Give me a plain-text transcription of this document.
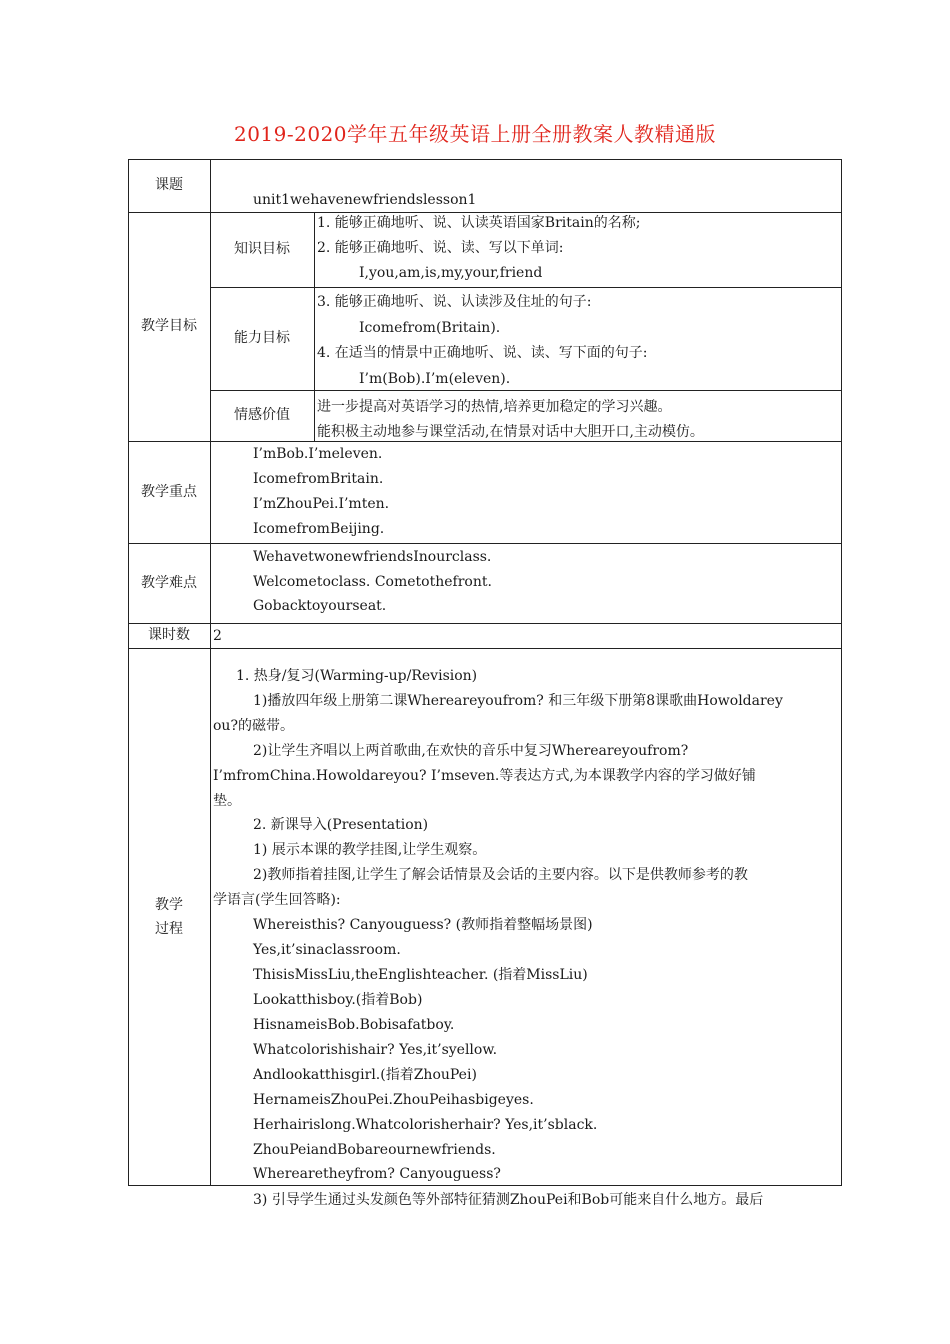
2019-2020学年五年级英语上册全册教案人教精通版
课题
unit1wehavenewfriendslesson1
教学目标
知识目标
1. 能够正确地听、说、认读英语国家Britain的名称;
2. 能够正确地听、说、读、写以下单词:
I,you,am,is,my,your,friend
能力目标
3. 能够正确地听、说、认读涉及住址的句子:
Icomefrom(Britain).
4. 在适当的情景中正确地听、说、读、写下面的句子:
I’m(Bob).I’m(eleven).
情感价值	进一步提高对英语学习的热情,培养更加稳定的学习兴趣。
能积极主动地参与课堂活动,在情景对话中大胆开口,主动模仿。
教学重点
I’mBob.I’meleven.
IcomefromBritain.
I’mZhouPei.I’mten.
IcomefromBeijing.
教学难点
WehavetwonewfriendsInourclass.
Welcometoclass. Cometothefront.
Gobacktoyourseat.
课时数	2
教学
过程
1. 热身/复习(Warming-up/Revision)
1)播放四年级上册第二课Whereareyoufrom? 和三年级下册第8课歌曲Howoldarey
ou?的磁带。
2)让学生齐唱以上两首歌曲,在欢快的音乐中复习Whereareyoufrom?
I’mfromChina.Howoldareyou? I’mseven.等表达方式,为本课教学内容的学习做好铺
垫。
2. 新课导入(Presentation)
1) 展示本课的教学挂图,让学生观察。
2)教师指着挂图,让学生了解会话情景及会话的主要内容。以下是供教师参考的教
学语言(学生回答略):
Whereisthis? Canyouguess? (教师指着整幅场景图)
Yes,it’sinaclassroom.
ThisisMissLiu,theEnglishteacher. (指着MissLiu)
Lookatthisboy.(指着Bob)
HisnameisBob.Bobisafatboy.
Whatcolorishishair? Yes,it’syellow.
Andlookatthisgirl.(指着ZhouPei)
HernameisZhouPei.ZhouPeihasbigeyes.
Herhairislong.Whatcolorisherhair? Yes,it’sblack.
ZhouPeiandBobareournewfriends.
Wherearetheyfrom? Canyouguess?
3) 引导学生通过头发颜色等外部特征猜测ZhouPei和Bob可能来自什么地方。最后
